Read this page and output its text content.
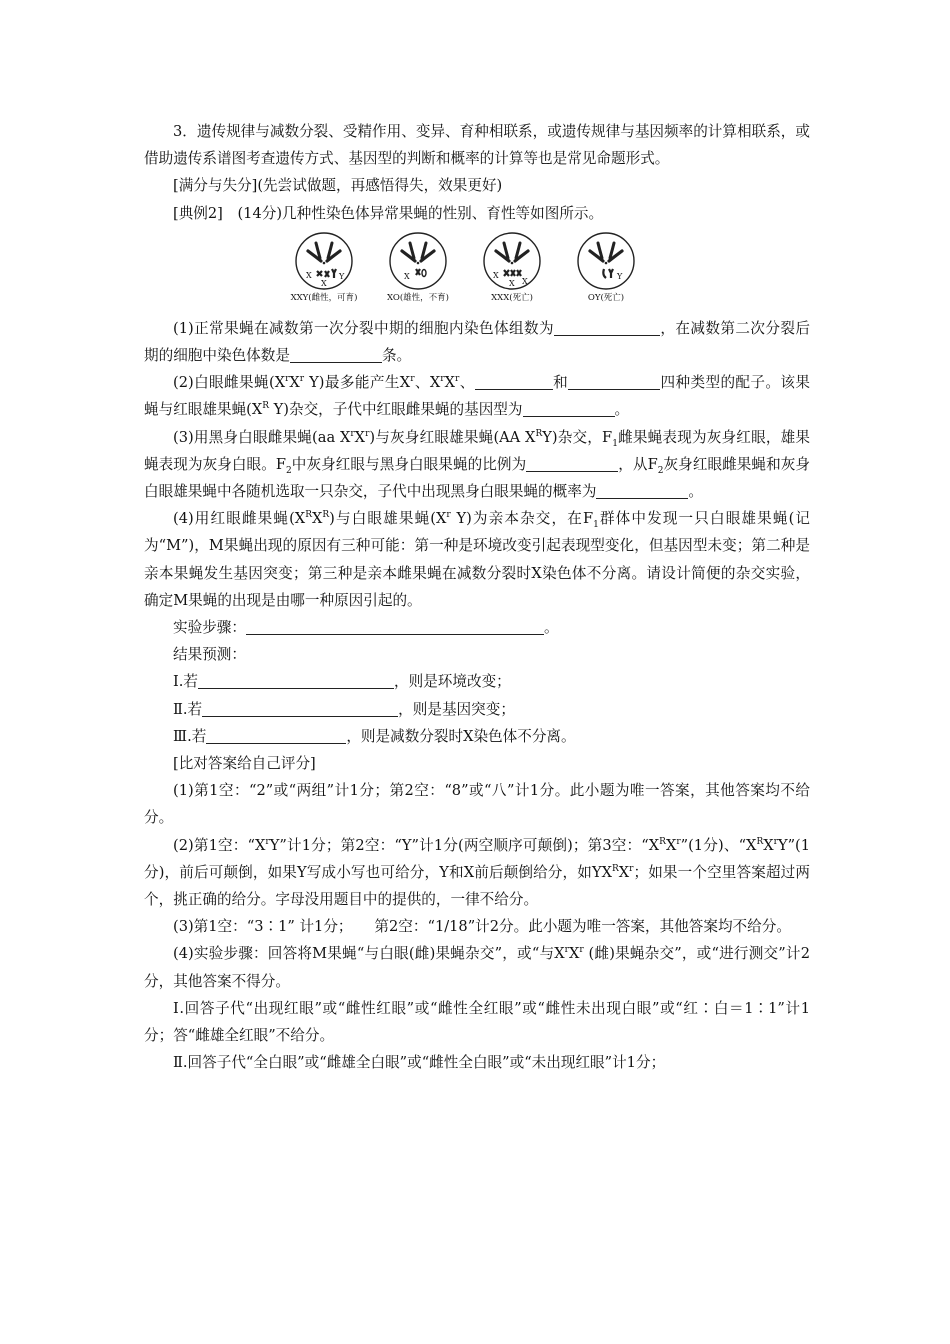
3．遗传规律与减数分裂、受精作用、变异、育种相联系，或遗传规律与基因频率的计算相联系，或借助遗传系谱图考查遗传方式、基因型的判断和概率的计算等也是常见命题形式。

[满分与失分](先尝试做题，再感悟得失，效果更好)

[典例2]　 (14分)几种性染色体异常果蝇的性别、育性等如图所示。

X
X
Y
XXY(雌性，可育)
X
XO(雄性，不育)
X
X X
XXX(死亡)
Y
OY(死亡)

(1)正常果蝇在减数第一次分裂中期的细胞内染色体组数为	，在减数第二次分裂后期的细胞中染色体数是	条。

(2)白眼雌果蝇($X^rX^r$ Y)最多能产生$X^r$、$X^rX^r$、	和	四种类型的配子。该果蝇与红眼雄果蝇($X^R$ Y)杂交，子代中红眼雌果蝇的基因型为	。

(3)用黑身白眼雌果蝇(aa $X^rX^r$)与灰身红眼雄果蝇(AA $X^RY$)杂交，$F_1$雌果蝇表现为灰身红眼，雄果蝇表现为灰身白眼。$F_2$中灰身红眼与黑身白眼果蝇的比例为	，从$F_2$灰身红眼雌果蝇和灰身白眼雄果蝇中各随机选取一只杂交，子代中出现黑身白眼果蝇的概率为	。

(4)用红眼雌果蝇$(X^RX^R)$与白眼雄果蝇($X^r$ Y)为亲本杂交，在$F_1$群体中发现一只白眼雄果蝇(记为“M”)，M果蝇出现的原因有三种可能：第一种是环境改变引起表现型变化，但基因型未变；第二种是亲本果蝇发生基因突变；第三种是亲本雌果蝇在减数分裂时X染色体不分离。请设计简便的杂交实验，确定M果蝇的出现是由哪一种原因引起的。

实验步骤：	。

结果预测：

Ⅰ.若	，则是环境改变；

Ⅱ.若	，则是基因突变；

Ⅲ.若	，则是减数分裂时X染色体不分离。

[比对答案给自己评分]

(1)第1空：“2”或“两组”计1分；第2空：“8”或“八”计1分。此小题为唯一答案，其他答案均不给分。

(2)第1空：“$X^rY$”计1分；第2空：“Y”计1分(两空顺序可颠倒)；第3空：“$X^RX^r”(1$分)、“$X^RX^rY”(1$分)，前后可颠倒，如果Y写成小写也可给分，Y和X前后颠倒给分，如$YX^RX^r$；如果一个空里答案超过两个，挑正确的给分。字母没用题目中的提供的，一律不给分。

(3)第1空：“3∶1” 计1分；　　第2空：“1/18”计2分。此小题为唯一答案，其他答案均不给分。

(4)实验步骤：回答将M果蝇“与白眼(雌)果蝇杂交”，或“与$X^rX^r$ (雌)果蝇杂交”，或“进行测交”计2分，其他答案不得分。

Ⅰ.回答子代“出现红眼”或“雌性红眼”或“雌性全红眼”或“雌性未出现白眼”或“红∶白＝1∶1”计1分；答“雌雄全红眼”不给分。

Ⅱ.回答子代“全白眼”或“雌雄全白眼”或“雌性全白眼”或“未出现红眼”计1分；
